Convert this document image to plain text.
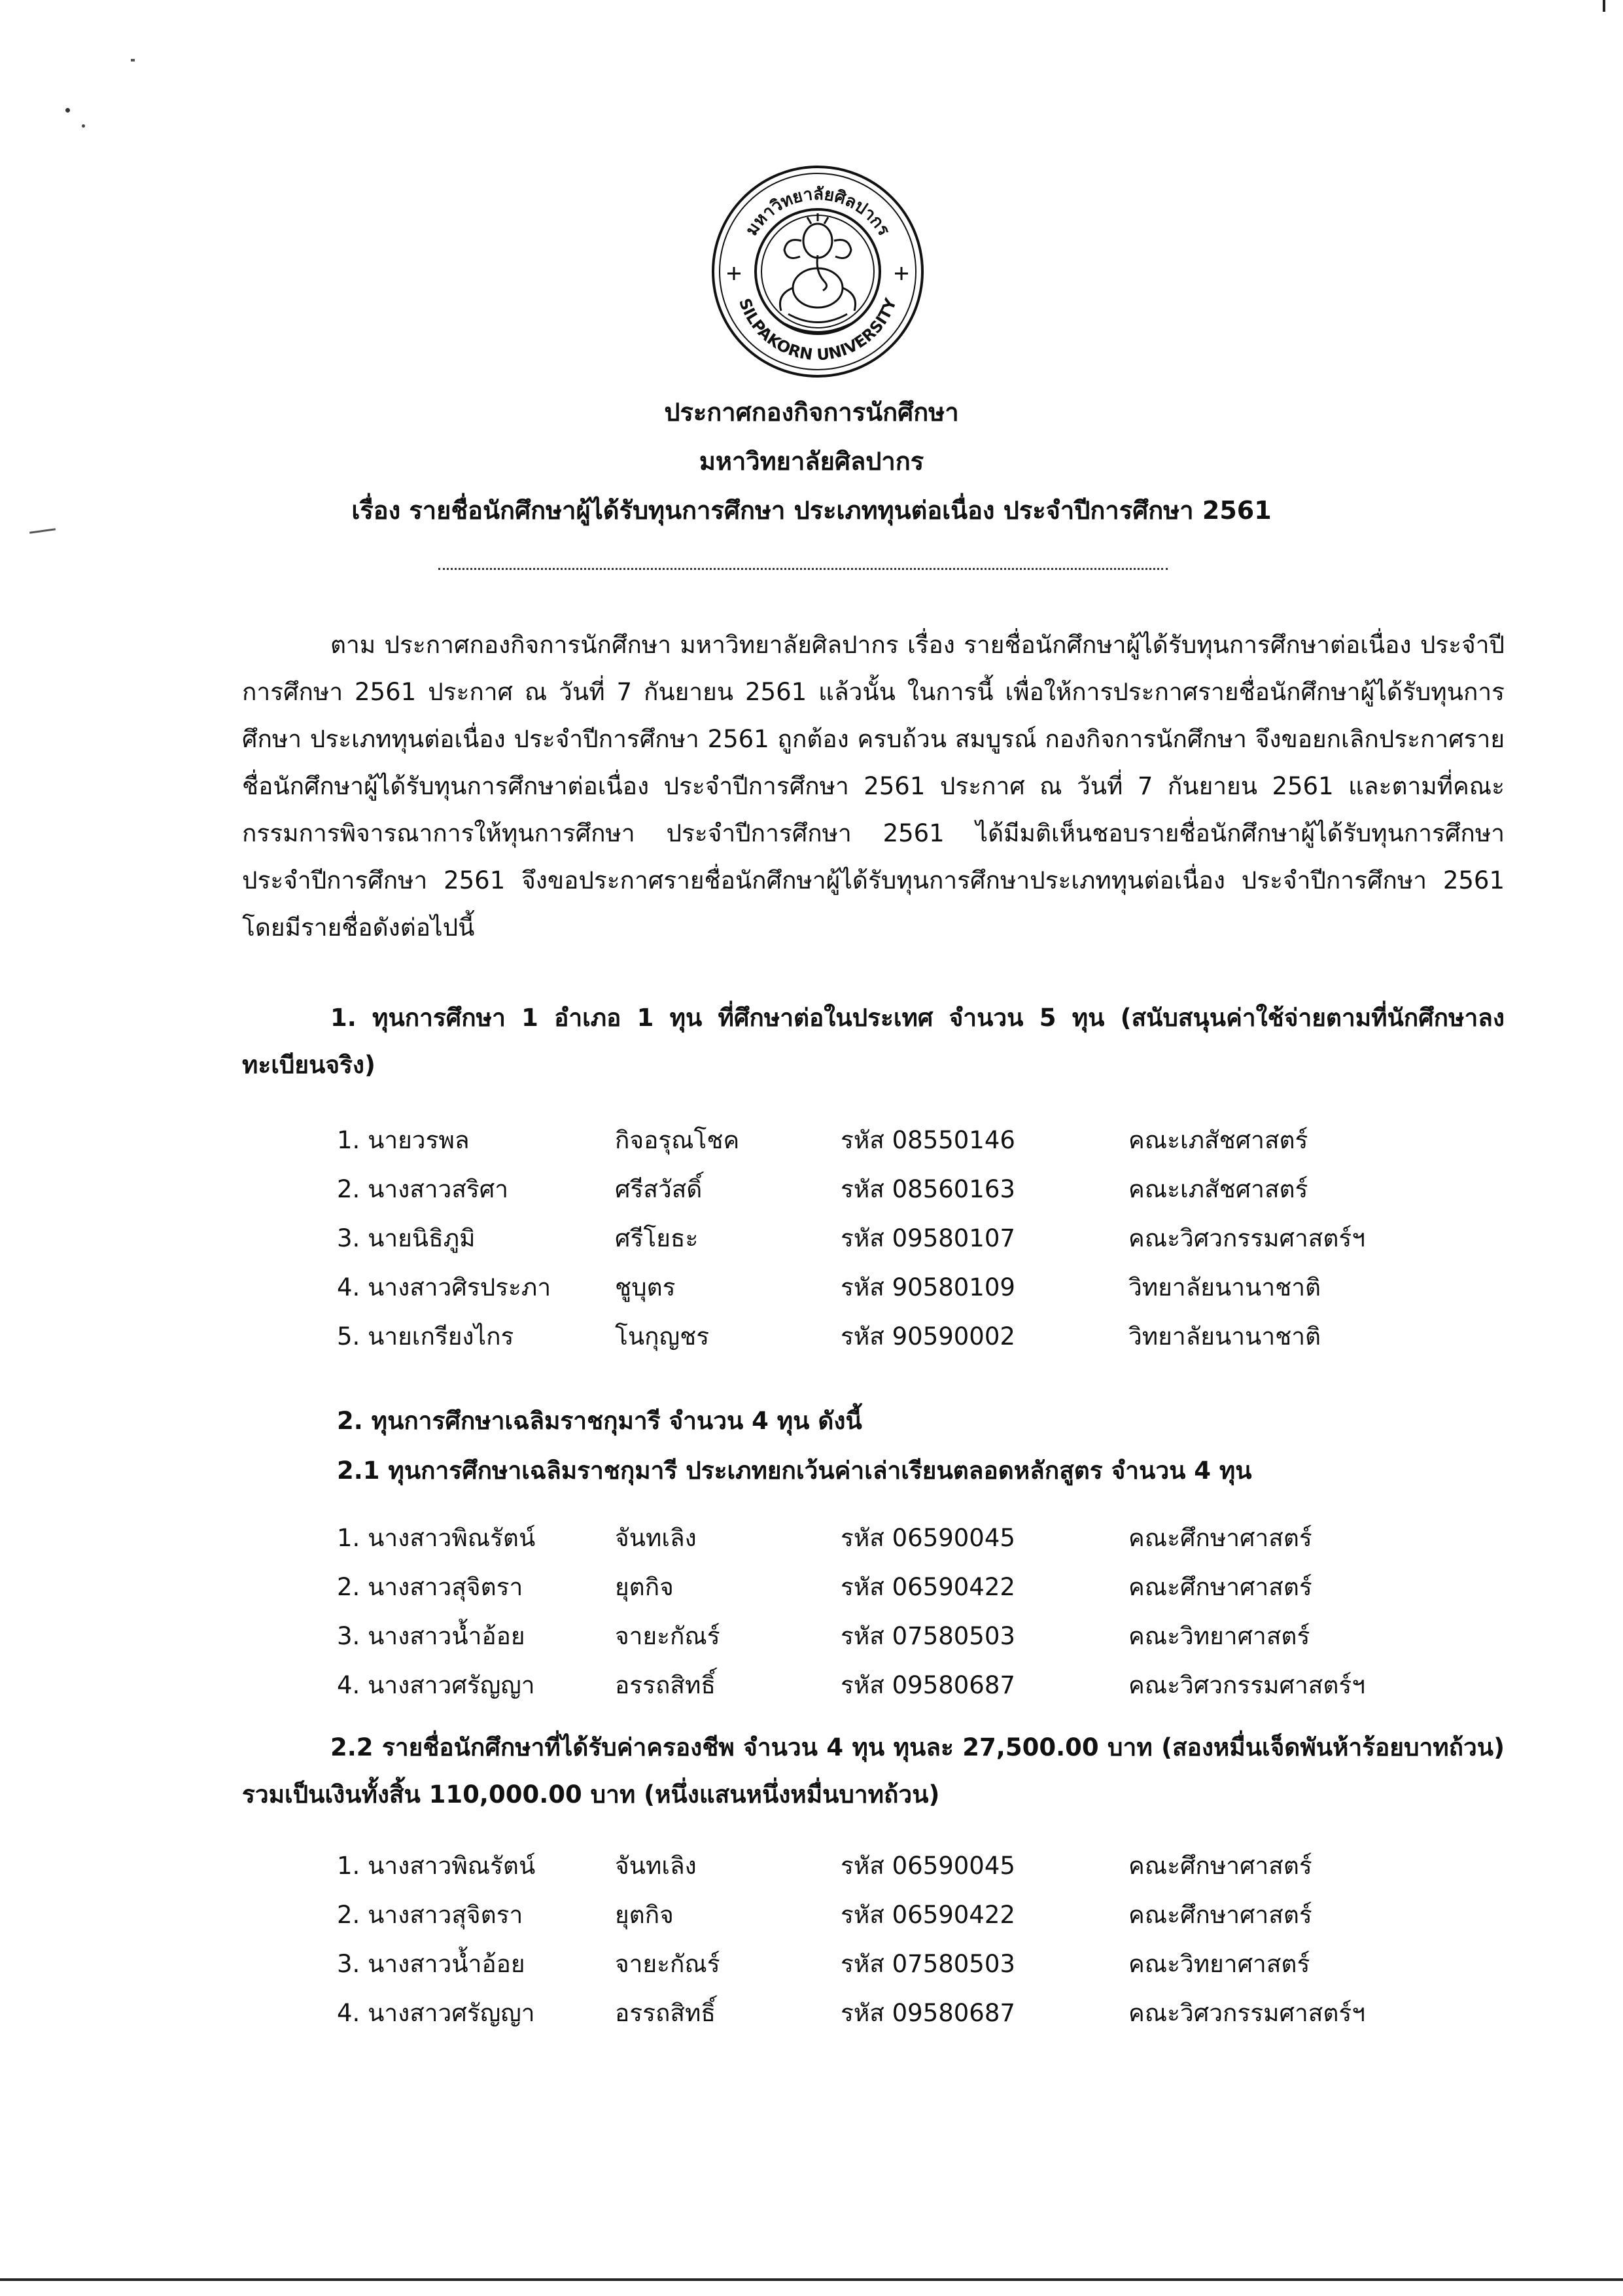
มหาวิทยาลัยศิลปากร
SILPAKORN UNIVERSITY
ประกาศกองกิจการนักศึกษา
มหาวิทยาลัยศิลปากร
เรื่อง รายชื่อนักศึกษาผู้ได้รับทุนการศึกษา ประเภททุนต่อเนื่อง ประจำปีการศึกษา 2561
ตาม ประกาศกองกิจการนักศึกษา มหาวิทยาลัยศิลปากร เรื่อง รายชื่อนักศึกษาผู้ได้รับทุนการศึกษาต่อเนื่อง ประจำปีการศึกษา 2561 ประกาศ ณ วันที่ 7 กันยายน 2561 แล้วนั้น ในการนี้ เพื่อให้การประกาศรายชื่อนักศึกษาผู้ได้รับทุนการศึกษา ประเภททุนต่อเนื่อง ประจำปีการศึกษา 2561 ถูกต้อง ครบถ้วน สมบูรณ์ กองกิจการนักศึกษา จึงขอยกเลิกประกาศรายชื่อนักศึกษาผู้ได้รับทุนการศึกษาต่อเนื่อง ประจำปีการศึกษา 2561 ประกาศ ณ วันที่ 7 กันยายน 2561 และตามที่คณะกรรมการพิจารณาการให้ทุนการศึกษา ประจำปีการศึกษา 2561 ได้มีมติเห็นชอบรายชื่อนักศึกษาผู้ได้รับทุนการศึกษา ประจำปีการศึกษา 2561 จึงขอประกาศรายชื่อนักศึกษาผู้ได้รับทุนการศึกษาประเภททุนต่อเนื่อง ประจำปีการศึกษา 2561 โดยมีรายชื่อดังต่อไปนี้
1. ทุนการศึกษา 1 อำเภอ 1 ทุน ที่ศึกษาต่อในประเทศ จำนวน 5 ทุน (สนับสนุนค่าใช้จ่ายตามที่นักศึกษาลงทะเบียนจริง)
1. นายวรพล	กิจอรุณโชค	รหัส 08550146	คณะเภสัชศาสตร์
2. นางสาวสริศา	ศรีสวัสดิ์	รหัส 08560163	คณะเภสัชศาสตร์
3. นายนิธิภูมิ	ศรีโยธะ	รหัส 09580107	คณะวิศวกรรมศาสตร์ฯ
4. นางสาวศิรประภา	ชูบุตร	รหัส 90580109	วิทยาลัยนานาชาติ
5. นายเกรียงไกร	โนกุญชร	รหัส 90590002	วิทยาลัยนานาชาติ
2. ทุนการศึกษาเฉลิมราชกุมารี จำนวน 4 ทุน ดังนี้
2.1 ทุนการศึกษาเฉลิมราชกุมารี ประเภทยกเว้นค่าเล่าเรียนตลอดหลักสูตร จำนวน 4 ทุน
1. นางสาวพิณรัตน์	จันทเลิง	รหัส 06590045	คณะศึกษาศาสตร์
2. นางสาวสุจิตรา	ยุตกิจ	รหัส 06590422	คณะศึกษาศาสตร์
3. นางสาวน้ำอ้อย	จายะกัณร์	รหัส 07580503	คณะวิทยาศาสตร์
4. นางสาวศรัญญา	อรรถสิทธิ์	รหัส 09580687	คณะวิศวกรรมศาสตร์ฯ
2.2 รายชื่อนักศึกษาที่ได้รับค่าครองชีพ จำนวน 4 ทุน ทุนละ 27,500.00 บาท (สองหมื่นเจ็ดพันห้าร้อยบาทถ้วน) รวมเป็นเงินทั้งสิ้น 110,000.00 บาท (หนึ่งแสนหนึ่งหมื่นบาทถ้วน)
1. นางสาวพิณรัตน์	จันทเลิง	รหัส 06590045	คณะศึกษาศาสตร์
2. นางสาวสุจิตรา	ยุตกิจ	รหัส 06590422	คณะศึกษาศาสตร์
3. นางสาวน้ำอ้อย	จายะกัณร์	รหัส 07580503	คณะวิทยาศาสตร์
4. นางสาวศรัญญา	อรรถสิทธิ์	รหัส 09580687	คณะวิศวกรรมศาสตร์ฯ
